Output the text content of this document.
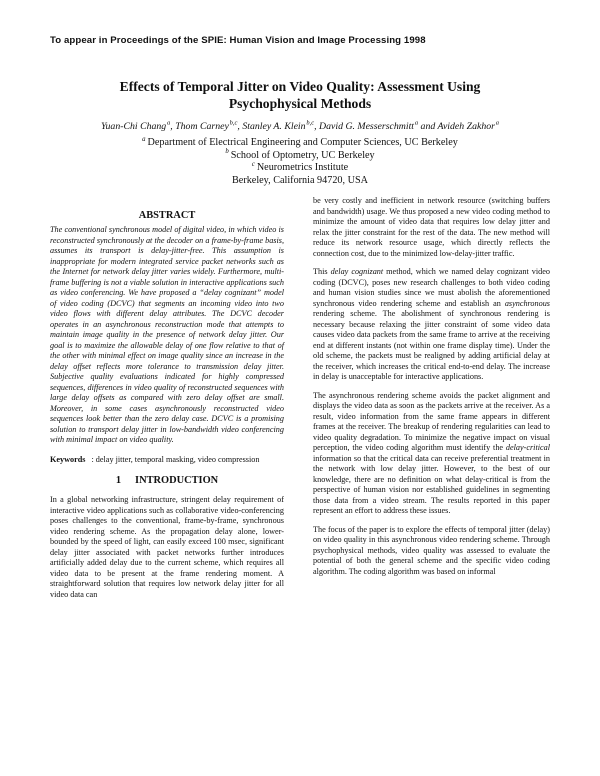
To appear in Proceedings of the SPIE: Human Vision and Image Processing 1998
Effects of Temporal Jitter on Video Quality: Assessment Using
Psychophysical Methods
Yuan-Chi Chang $^a$, Thom Carney $^{b,c}$, Stanley A. Klein $^{b,c}$, David G. Messerschmitt $^a$ and Avideh Zakhor $^a$
$^a$ Department of Electrical Engineering and Computer Sciences, UC Berkeley
$^b$ School of Optometry, UC Berkeley
$^c$ Neurometrics Institute
Berkeley, California 94720, USA
ABSTRACT

The conventional synchronous model of digital video, in which video is reconstructed synchronously at the decoder on a frame-by-frame basis, assumes its transport is delay-jitter-free. This assumption is inappropriate for modern integrated service packet networks such as the Internet for network delay jitter varies widely. Furthermore, multi-frame buffering is not a viable solution in interactive applications such as video conferencing. We have proposed a “delay cognizant” model of video coding (DCVC) that segments an incoming video into two video flows with different delay attributes. The DCVC decoder operates in an asynchronous reconstruction mode that attempts to maintain image quality in the presence of network delay jitter. Our goal is to maximize the allowable delay of one flow relative to that of the other with minimal effect on image quality since an increase in the delay offset reflects more tolerance to transmission delay jitter. Subjective quality evaluations indicated for highly compressed sequences, differences in video quality of reconstructed sequences with large delay offsets as compared with zero delay offset are small. Moreover, in some cases asynchronously reconstructed video sequences look better than the zero delay case. DCVC is a promising solution to transport delay jitter in low-bandwidth video conferencing with minimal impact on video quality.

Keywords : delay jitter, temporal masking, video compression

1 INTRODUCTION

In a global networking infrastructure, stringent delay requirement of interactive video applications such as collaborative video-conferencing poses challenges to the conventional, frame-by-frame, synchronous video rendering scheme. As the propagation delay alone, lower-bounded by the speed of light, can easily exceed 100 msec, significant delay jitter associated with packet networks further introduces artificially added delay due to the current scheme, which requires all video data to be present at the frame rendering moment. A straightforward solution that requires low network delay jitter for all video data can

be very costly and inefficient in network resource (switching buffers and bandwidth) usage. We thus proposed a new video coding method to minimize the amount of video data that requires low delay jitter and relax the jitter constraint for the rest of the data. The new method will reduce its network resource usage, which directly reflects the connection cost, due to the minimized low-delay-jitter traffic.

This delay cognizant method, which we named delay cognizant video coding (DCVC), poses new research challenges to both video coding and human vision studies since we must abolish the aforementioned synchronous video rendering scheme and establish an asynchronous rendering scheme. The abolishment of synchronous rendering is necessary because relaxing the jitter constraint of some video data causes video data packets from the same frame to arrive at the receiving end at different instants (not within one frame display time). Under the old scheme, the packets must be realigned by adding artificial delay at the receiver, which increases the critical end-to-end delay. The increase in delay is unacceptable for interactive applications.

The asynchronous rendering scheme avoids the packet alignment and displays the video data as soon as the packets arrive at the receiver. As a result, video information from the same frame appears in different frames at the receiver. The breakup of rendering regularities can lead to video quality degradation. To minimize the negative impact on visual perception, the video coding algorithm must identify the delay-critical information so that the critical data can receive preferential treatment in the network with low delay jitter. However, to the best of our knowledge, there are no definition on what delay-critical is from the perspective of human vision nor established guidelines in segmenting those data from a video stream. The results reported in this paper represent an effort to address these issues.

The focus of the paper is to explore the effects of temporal jitter (delay) on video quality in this asynchronous video rendering scheme. Through psychophysical methods, video quality was assessed to evaluate the potential of both the general scheme and the specific video coding algorithm. The coding algorithm was based on informal
